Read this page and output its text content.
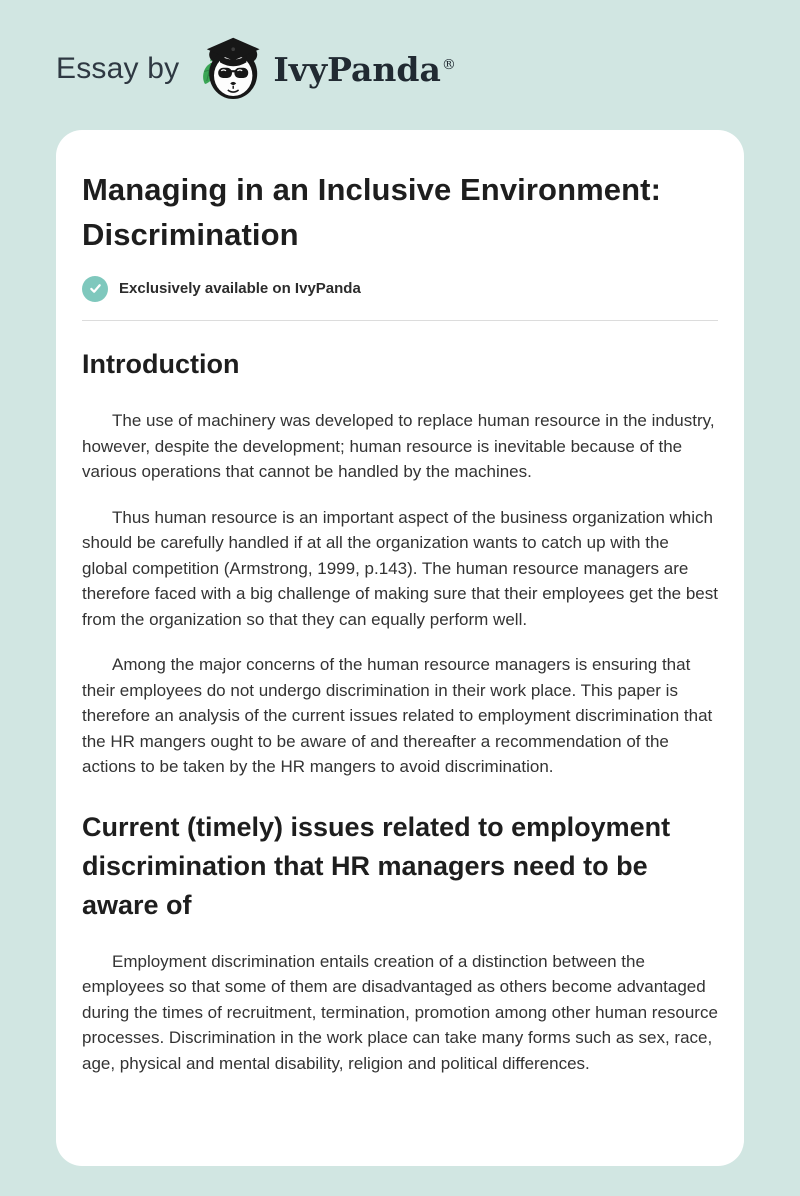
Essay by	IvyPanda®
Managing in an Inclusive Environment: Discrimination
Exclusively available on IvyPanda
Introduction

The use of machinery was developed to replace human resource in the industry, however, despite the development; human resource is inevitable because of the various operations that cannot be handled by the machines.

Thus human resource is an important aspect of the business organization which should be carefully handled if at all the organization wants to catch up with the global competition (Armstrong, 1999, p.143). The human resource managers are therefore faced with a big challenge of making sure that their employees get the best from the organization so that they can equally perform well.

Among the major concerns of the human resource managers is ensuring that their employees do not undergo discrimination in their work place. This paper is therefore an analysis of the current issues related to employment discrimination that the HR mangers ought to be aware of and thereafter a recommendation of the actions to be taken by the HR mangers to avoid discrimination.

Current (timely) issues related to employment discrimination that HR managers need to be aware of

Employment discrimination entails creation of a distinction between the employees so that some of them are disadvantaged as others become advantaged during the times of recruitment, termination, promotion among other human resource processes. Discrimination in the work place can take many forms such as sex, race, age, physical and mental disability, religion and political differences.
